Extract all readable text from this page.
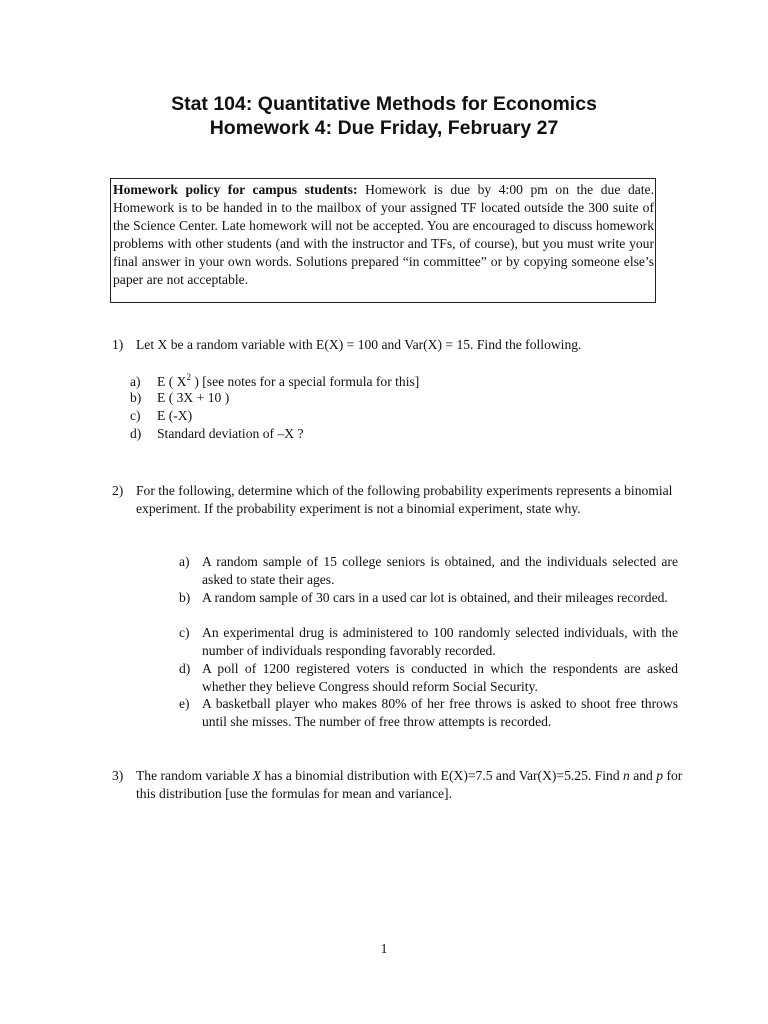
Stat 104: Quantitative Methods for Economics
Homework 4: Due Friday, February 27
Homework policy for campus students: Homework is due by 4:00 pm on the due date. Homework is to be handed in to the mailbox of your assigned TF located outside the 300 suite of the Science Center. Late homework will not be accepted. You are encouraged to discuss homework problems with other students (and with the instructor and TFs, of course), but you must write your final answer in your own words. Solutions prepared “in committee” or by copying someone else’s paper are not acceptable.
1) Let X be a random variable with E(X) = 100 and Var(X) = 15. Find the following.
a) E ( $X^2$ ) [see notes for a special formula for this]
b) E ( 3X + 10 )
c) E (-X)
d) Standard deviation of –X ?
2) For the following, determine which of the following probability experiments represents a binomial experiment. If the probability experiment is not a binomial experiment, state why.
a) A random sample of 15 college seniors is obtained, and the individuals selected are asked to state their ages.
b) A random sample of 30 cars in a used car lot is obtained, and their mileages recorded.
c) An experimental drug is administered to 100 randomly selected individuals, with the number of individuals responding favorably recorded.
d) A poll of 1200 registered voters is conducted in which the respondents are asked whether they believe Congress should reform Social Security.
e) A basketball player who makes 80% of her free throws is asked to shoot free throws until she misses. The number of free throw attempts is recorded.
3) The random variable X has a binomial distribution with E(X)=7.5 and Var(X)=5.25. Find n and p for this distribution [use the formulas for mean and variance].
1
